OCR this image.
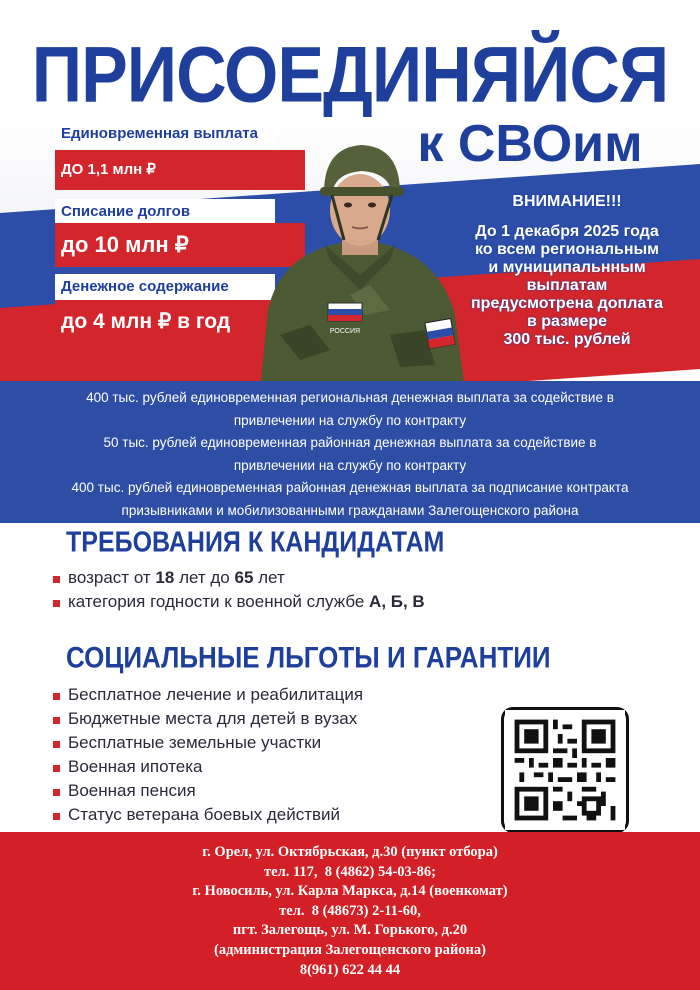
ПРИСОЕДИНЯЙСЯ
к СВОим
Единовременная выплата
ДО 1,1 млн ₽
Списание долгов
до 10 млн ₽
Денежное содержание
до 4 млн ₽ в год	РОССИЯ
ВНИМАНИЕ!!!
До 1 декабря 2025 года
ко всем региональным
и муниципальнным
выплатам
предусмотрена доплата
в размере
300 тыс. рублей
400 тыс. рублей единовременная региональная денежная выплата за содействие в
привлечении на службу по контракту
50 тыс. рублей единовременная районная денежная выплата за содействие в
привлечении на службу по контракту
400 тыс. рублей единовременная районная денежная выплата за подписание контракта
призывниками и мобилизованными гражданами Залегощенского района
ТРЕБОВАНИЯ К КАНДИДАТАМ
возраст от 18 лет до 65 лет
категория годности к военной службе А, Б, В
СОЦИАЛЬНЫЕ ЛЬГОТЫ И ГАРАНТИИ
Бесплатное лечение и реабилитация
Бюджетные места для детей в вузах
Бесплатные земельные участки
Военная ипотека
Военная пенсия
Статус ветерана боевых действий
г. Орел, ул. Октябрьская, д.30 (пункт отбора)
тел. 117,  8 (4862) 54-03-86;
г. Новосиль, ул. Карла Маркса, д.14 (военкомат)
тел.  8 (48673) 2-11-60,
пгт. Залегощь, ул. М. Горького, д.20
(администрация Залегощенского района)
8(961) 622 44 44
